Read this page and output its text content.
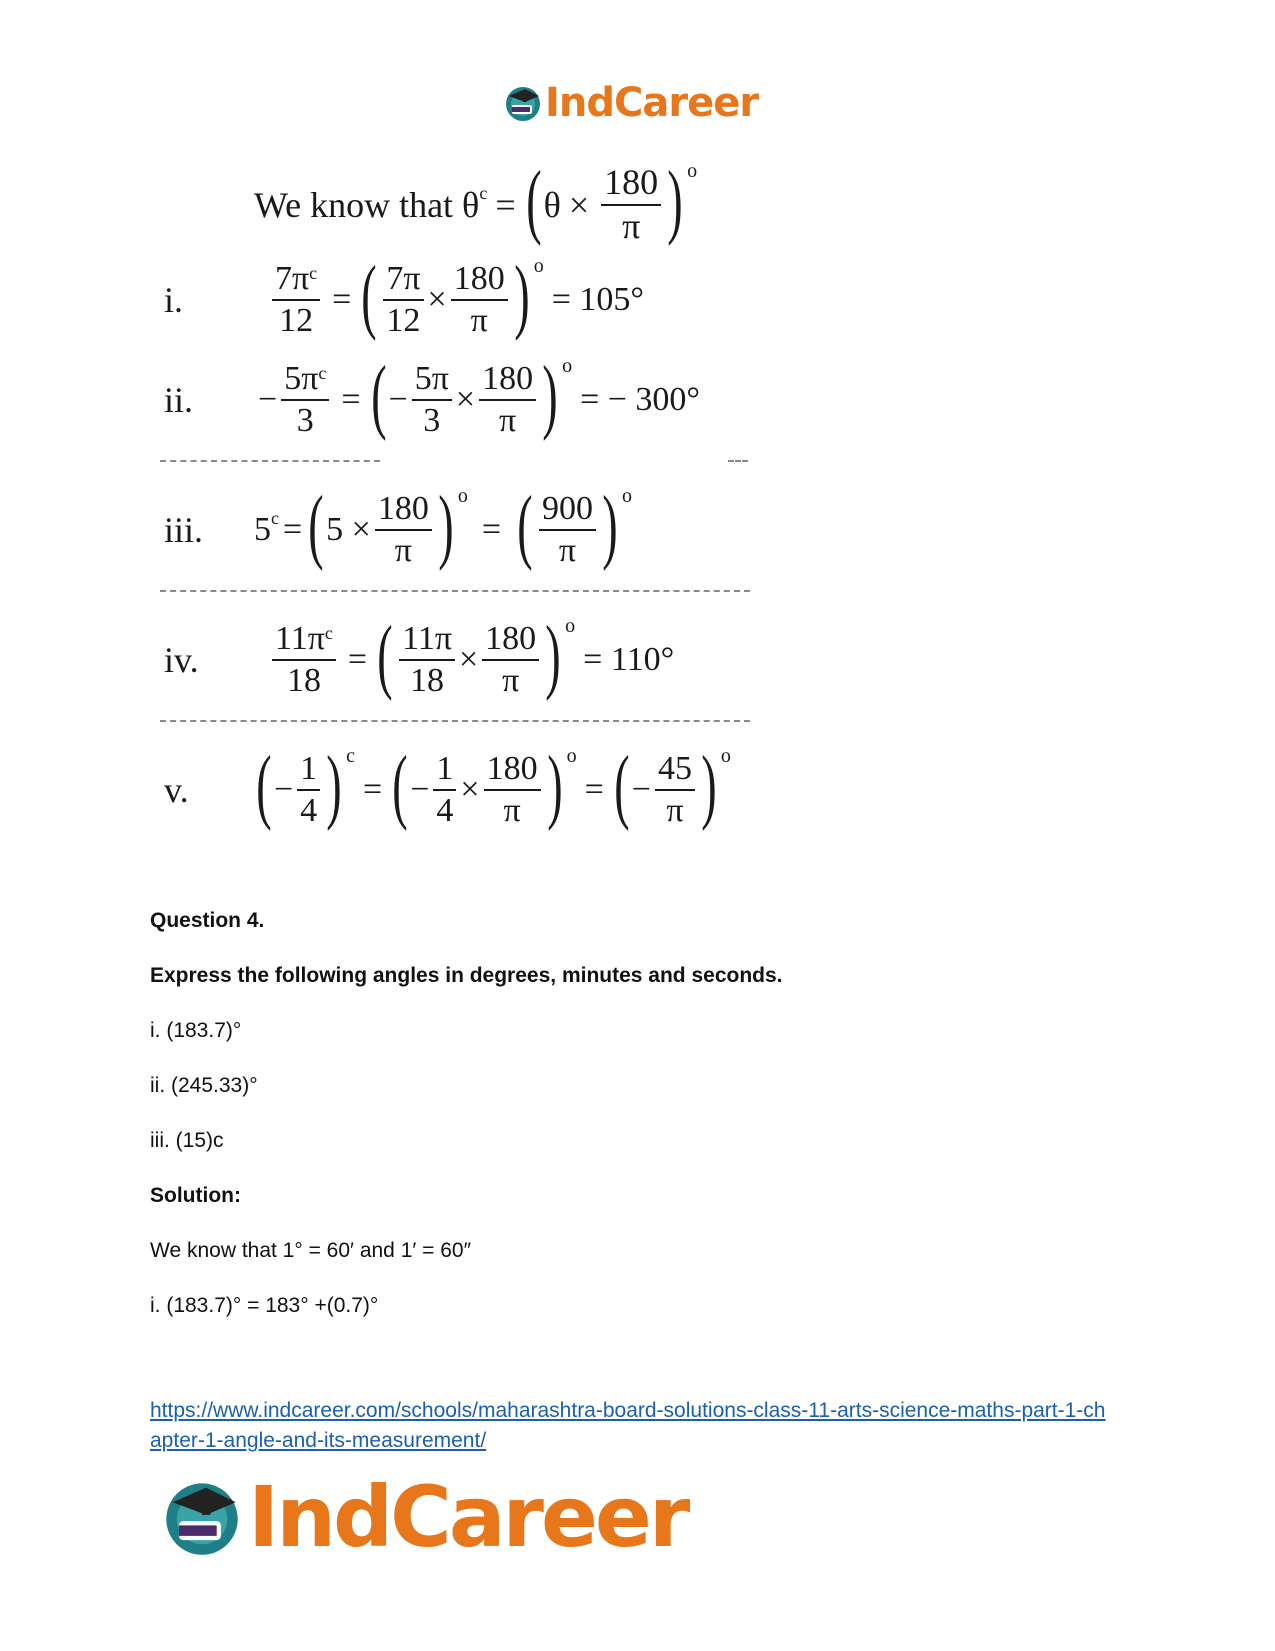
IndCareer
We know that θ c = ( $\theta \times \frac{180}{\pi}$ ) o
i.	$\frac{7\pi^c}{12}$ = ( $\frac{7\pi}{12} \times \frac{180}{\pi}$ ) o
= 105°
ii. − $\frac{5\pi^c}{3}$ = ( − $\frac{5\pi}{3} \times \frac{180}{\pi}$ ) o
= − 300°
iii. 5 c = ( $5 \times \frac{180}{\pi}$ ) o
= ( $\frac{900}{\pi}$ ) o
iv. $\frac{11\pi^c}{18}$ = ( $\frac{11\pi}{18} \times \frac{180}{\pi}$ ) o
= 110°
v. ( − $\frac{1}{4}$ ) c
= ( − $\frac{1}{4} \times \frac{180}{\pi}$ ) o
= ( − $\frac{45}{\pi}$ ) o
Question 4.
Express the following angles in degrees, minutes and seconds.
i. (183.7)°
ii. (245.33)°
iii. (15)c
Solution:
We know that 1° = 60′ and 1′ = 60″
i. (183.7)° = 183° +(0.7)°
https://www.indcareer.com/schools/maharashtra-board-solutions-class-11-arts-science-maths-part-1-chapter-1-angle-and-its-measurement/
IndCareer
